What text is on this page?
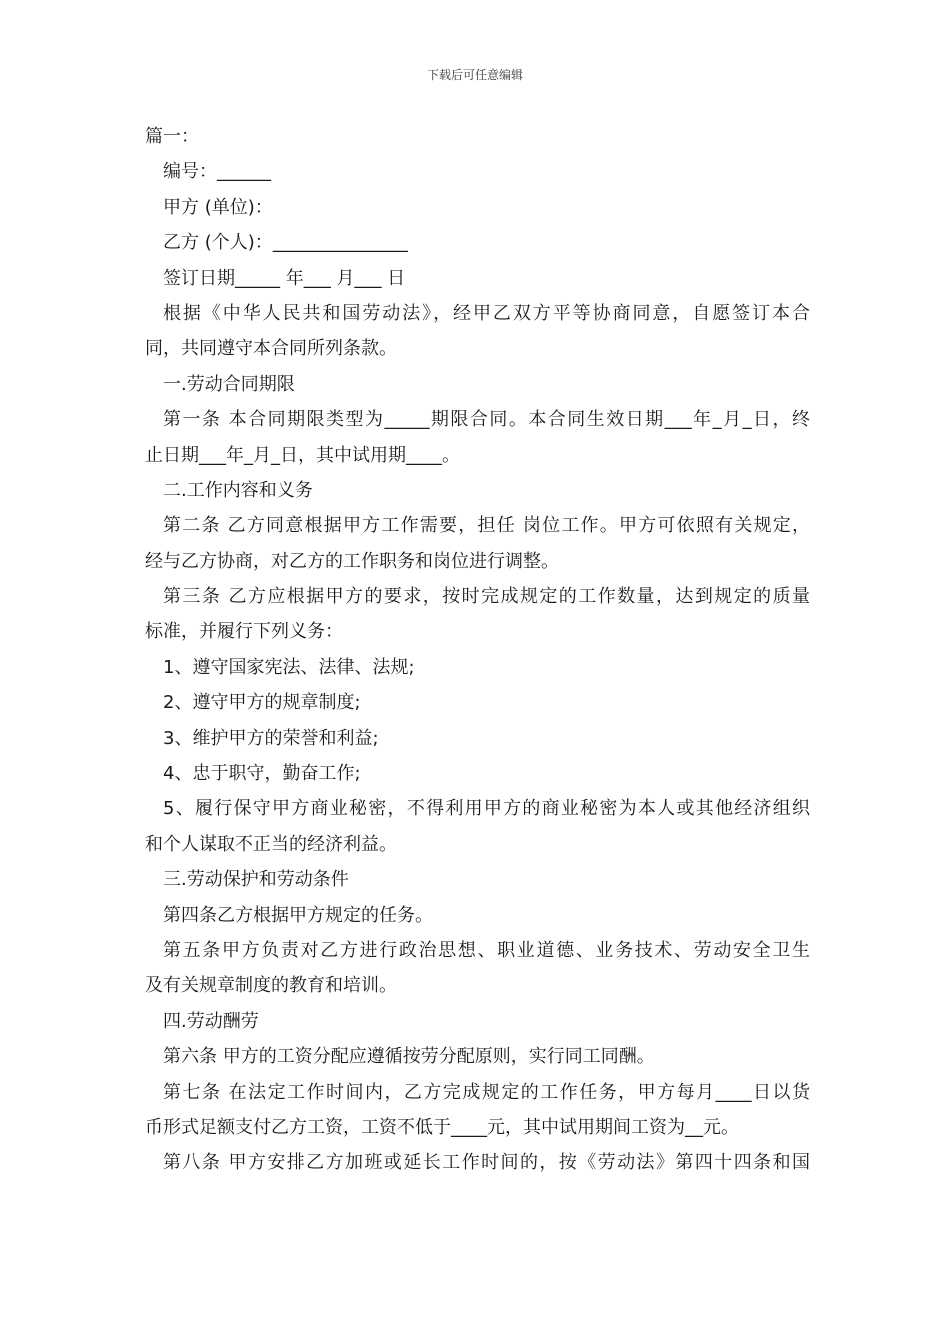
下载后可任意编辑
篇一：
编号：______
甲方 (单位)：
乙方 (个人)：_______________
签订日期_____ 年___ 月___ 日
根据《中华人民共和国劳动法》，经甲乙双方平等协商同意，自愿签订本合
同，共同遵守本合同所列条款。
一.劳动合同期限
第一条 本合同期限类型为_____期限合同。本合同生效日期___年_月_日，终
止日期___年_月_日，其中试用期____。
二.工作内容和义务
第二条 乙方同意根据甲方工作需要，担任 岗位工作。甲方可依照有关规定，
经与乙方协商，对乙方的工作职务和岗位进行调整。
第三条 乙方应根据甲方的要求，按时完成规定的工作数量，达到规定的质量
标准，并履行下列义务：
1、遵守国家宪法、法律、法规;
2、遵守甲方的规章制度;
3、维护甲方的荣誉和利益;
4、忠于职守，勤奋工作;
5、履行保守甲方商业秘密，不得利用甲方的商业秘密为本人或其他经济组织
和个人谋取不正当的经济利益。
三.劳动保护和劳动条件
第四条乙方根据甲方规定的任务。
第五条甲方负责对乙方进行政治思想、职业道德、业务技术、劳动安全卫生
及有关规章制度的教育和培训。
四.劳动酬劳
第六条 甲方的工资分配应遵循按劳分配原则，实行同工同酬。
第七条 在法定工作时间内，乙方完成规定的工作任务，甲方每月____日以货
币形式足额支付乙方工资，工资不低于____元，其中试用期间工资为__元。
第八条 甲方安排乙方加班或延长工作时间的，按《劳动法》第四十四条和国
